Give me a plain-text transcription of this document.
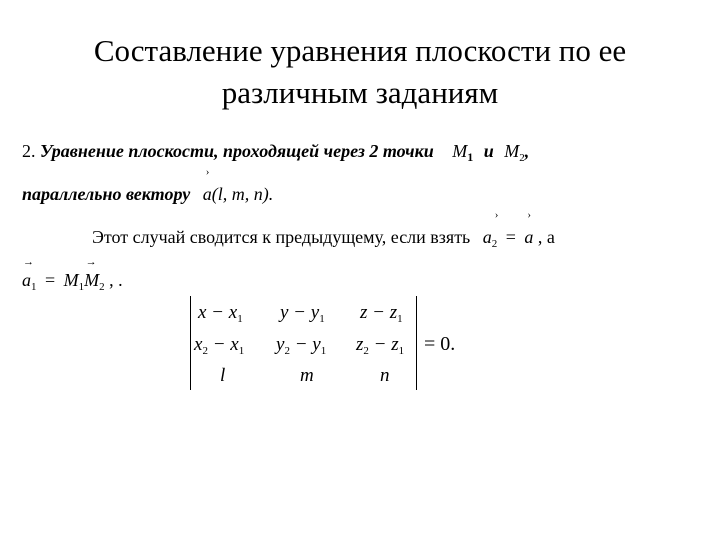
Составление уравнения плоскости по ее
различным заданиям
2. Уравнение плоскости, проходящей через 2 точки $M_1$ и $M_2$,
параллельно вектору
›
a(l, m, n).
Этот случай сводится к предыдущему, если взять
›
$a_2$ =
›
a , а
→
$a_1$ =
→
$M_1M_2$ , .
$x - x_1$ $y - y_1$ $z - z_1$
$x_2 - x_1$ $y_2 - y_1$ $z_2 - z_1$
l	m	n
= 0.
